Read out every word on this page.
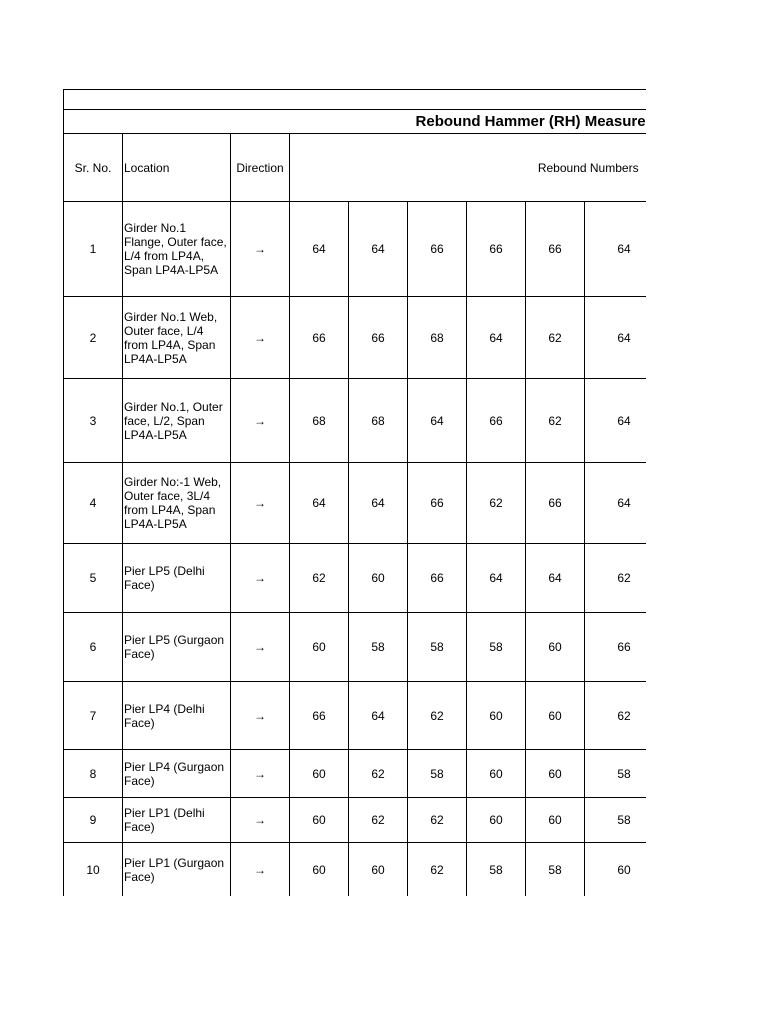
Rebound Hammer (RH) Measure									
Sr. No.	Location	Direction	Rebound Numbers						
1	Girder No.1 Flange, Outer face, L/4 from LP4A, Span LP4A-LP5A	→	64	64	66	66	66	64	
2	Girder No.1 Web, Outer face, L/4 from LP4A, Span LP4A-LP5A	→	66	66	68	64	62	64	
3	Girder No.1, Outer face, L/2, Span LP4A-LP5A	→	68	68	64	66	62	64	
4	Girder No:-1 Web, Outer face, 3L/4 from LP4A, Span LP4A-LP5A	→	64	64	66	62	66	64	
5	Pier LP5 (Delhi Face)	→	62	60	66	64	64	62	
6	Pier LP5 (Gurgaon Face)	→	60	58	58	58	60	66	
7	Pier LP4 (Delhi Face)	→	66	64	62	60	60	62	
8	Pier LP4 (Gurgaon Face)	→	60	62	58	60	60	58	
9	Pier LP1 (Delhi Face)	→	60	62	62	60	60	58	
10	Pier LP1 (Gurgaon Face)	→	60	60	62	58	58	60	
